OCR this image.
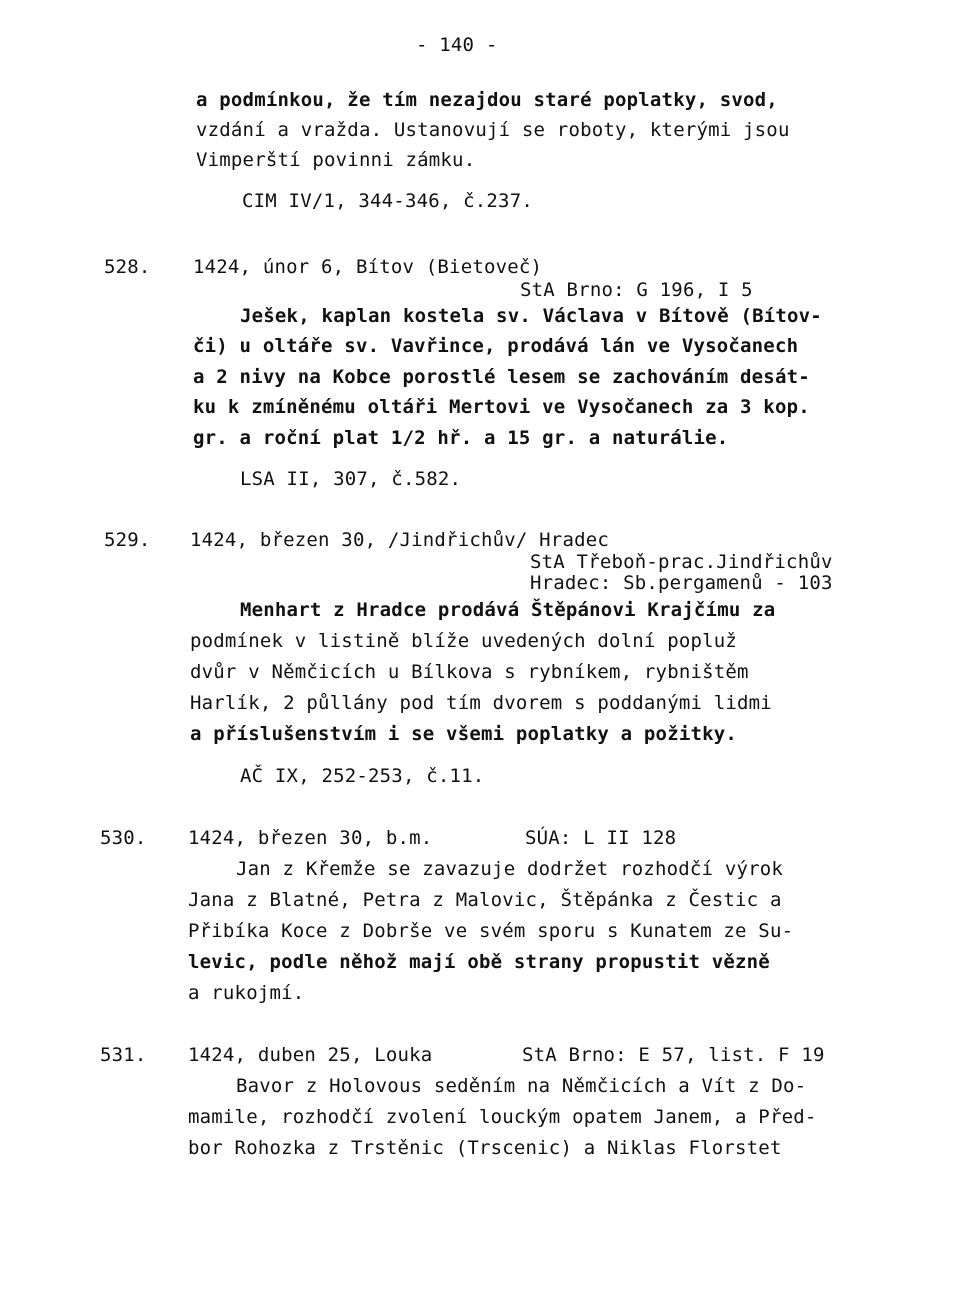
- 140 -
a podmínkou, že tím nezajdou staré poplatky, svod,
vzdání a vražda. Ustanovují se roboty, kterými jsou
Vimperští povinni zámku.
CIM IV/1, 344-346, č.237.
528. 1424, únor 6, Bítov (Bietoveč)
StA Brno: G 196, I 5
Ješek, kaplan kostela sv. Václava v Bítově (Bítov-
či) u oltáře sv. Vavřince, prodává lán ve Vysočanech
a 2 nivy na Kobce porostlé lesem se zachováním desát-
ku k zmíněnému oltáři Mertovi ve Vysočanech za 3 kop.
gr. a roční plat 1/2 hř. a 15 gr. a naturálie.
LSA II, 307, č.582.
529. 1424, březen 30, /Jindřichův/ Hradec
StA Třeboň-prac.Jindřichův
Hradec: Sb.pergamenů - 103
Menhart z Hradce prodává Štěpánovi Krajčímu za
podmínek v listině blíže uvedených dolní popluž
dvůr v Němčicích u Bílkova s rybníkem, rybništěm
Harlík, 2 půllány pod tím dvorem s poddanými lidmi
a příslušenstvím i se všemi poplatky a požitky.
AČ IX, 252-253, č.11.
530. 1424, březen 30, b.m.	SÚA: L II 128
Jan z Křemže se zavazuje dodržet rozhodčí výrok
Jana z Blatné, Petra z Malovic, Štěpánka z Čestic a
Přibíka Koce z Dobrše ve svém sporu s Kunatem ze Su-
levic, podle něhož mají obě strany propustit vězně
a rukojmí.
531. 1424, duben 25, Louka	StA Brno: E 57, list. F 19
Bavor z Holovous seděním na Němčicích a Vít z Do-
mamile, rozhodčí zvolení louckým opatem Janem, a Před-
bor Rohozka z Trstěnic (Trscenic) a Niklas Florstet
